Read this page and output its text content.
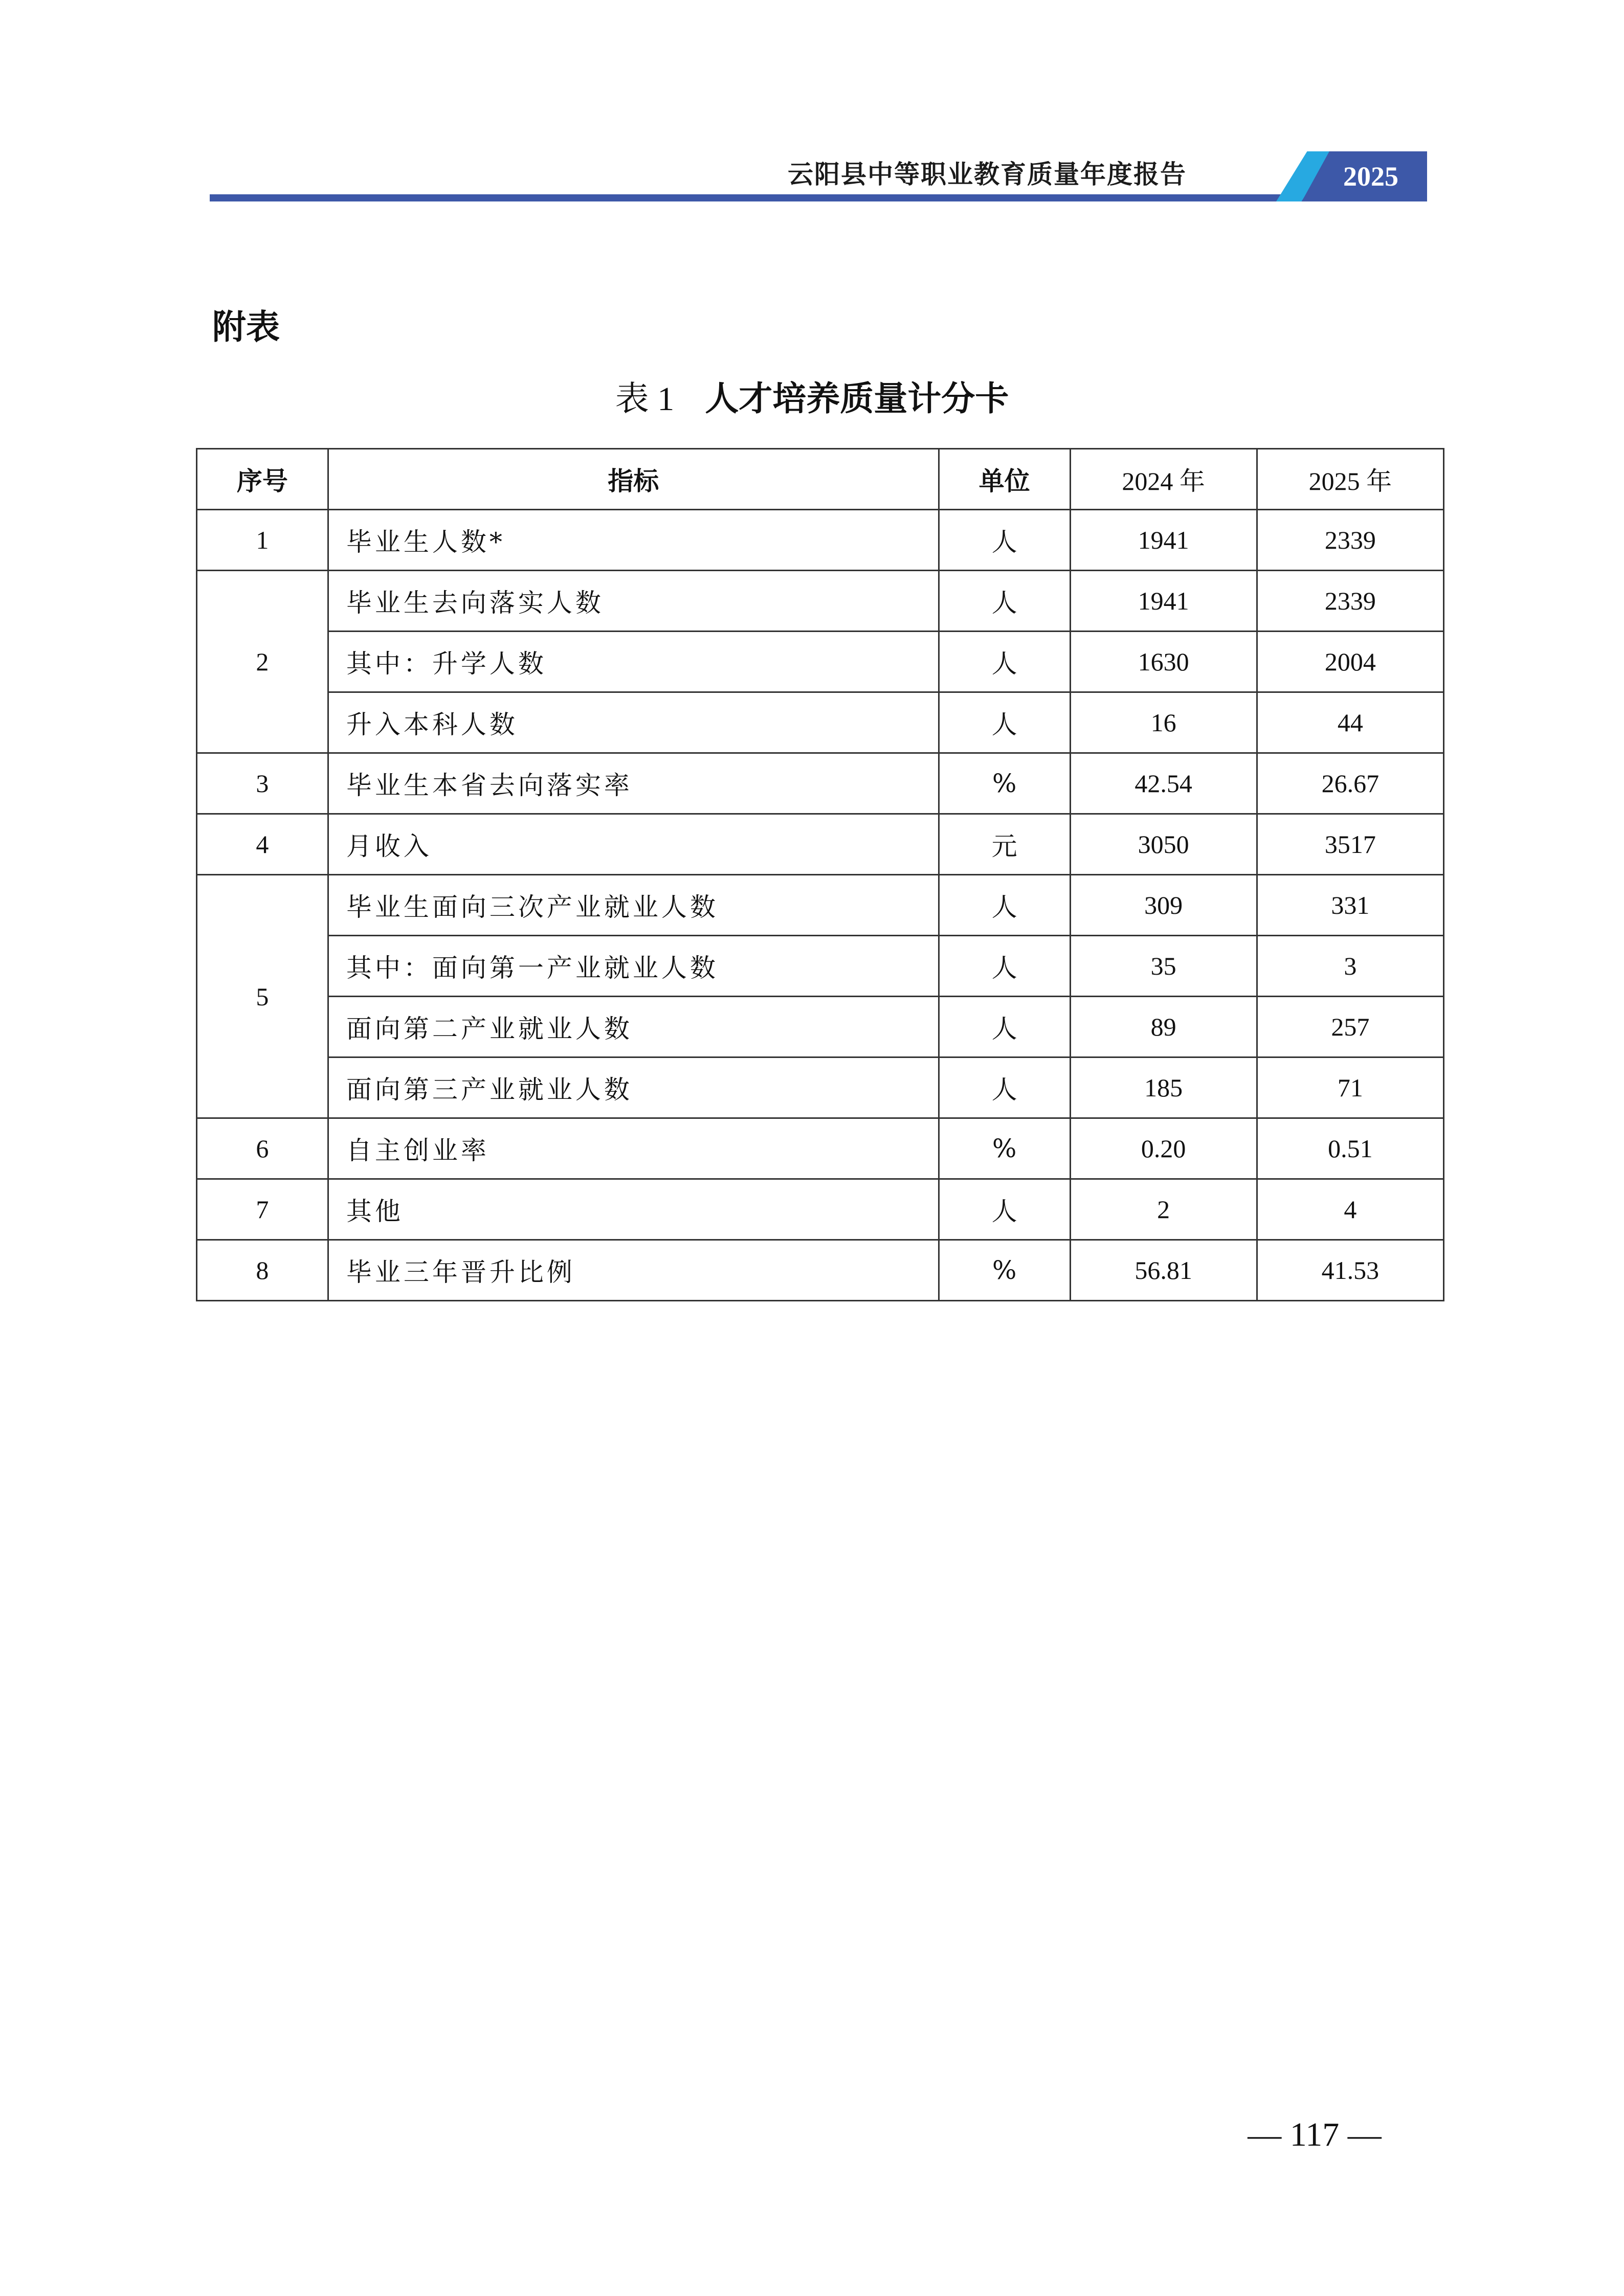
云阳县中等职业教育质量年度报告	2025
附表
表 1 人才培养质量计分卡
序号	指标	单位	2024 年	2025 年
1	毕业生人数*	人	1941	2339
2	毕业生去向落实人数	人	1941	2339
	其中：升学人数	人	1630	2004
	升入本科人数	人	16	44
3	毕业生本省去向落实率	%	42.54	26.67
4	月收入	元	3050	3517
5	毕业生面向三次产业就业人数	人	309	331
	其中：面向第一产业就业人数	人	35	3
	面向第二产业就业人数	人	89	257
	面向第三产业就业人数	人	185	71
6	自主创业率	%	0.20	0.51
7	其他	人	2	4
8	毕业三年晋升比例	%	56.81	41.53
— 117 —
